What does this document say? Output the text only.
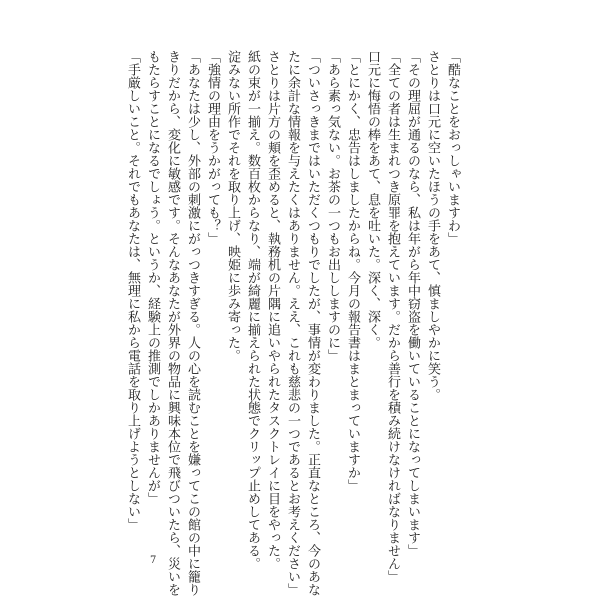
「酷なことをおっしゃいますわ」
さとりは口元に空いたほうの手をあて、慎ましやかに笑う。
「その理屈が通るのなら、私は年がら年中窃盗を働いていることになってしまいます」
「全ての者は生まれつき原罪を抱えています。だから善行を積み続けなければなりません」
口元に悔悟の棒をあて、息を吐いた。深く、深く。
「とにかく、忠告はしましたからね。今月の報告書はまとまっていますか」
「あら素っ気ない。お茶の一つもお出ししますのに」
「ついさっきまではいただくつもりでしたが、事情が変わりました。正直なところ、今のあな
たに余計な情報を与えたくはありません。ええ、これも慈悲の一つであるとお考えください」
さとりは片方の頬を歪めると、執務机の片隅に追いやられたタスクトレイに目をやった。
紙の束が一揃え。数百枚からなり、端が綺麗に揃えられた状態でクリップ止めしてある。
淀みない所作でそれを取り上げ、映姫に歩み寄った。
「強情の理由をうかがっても？」
「あなたは少し、外部の刺激にがっつきすぎる。人の心を読むことを嫌ってこの館の中に籠り
きりだから、変化に敏感です。そんなあなたが外界の物品に興味本位で飛びついたら、災いを
もたらすことになるでしょう。というか、経験上の推測でしかありませんが」
「手厳しいこと。それでもあなたは、無理に私から電話を取り上げようとしない」
7
